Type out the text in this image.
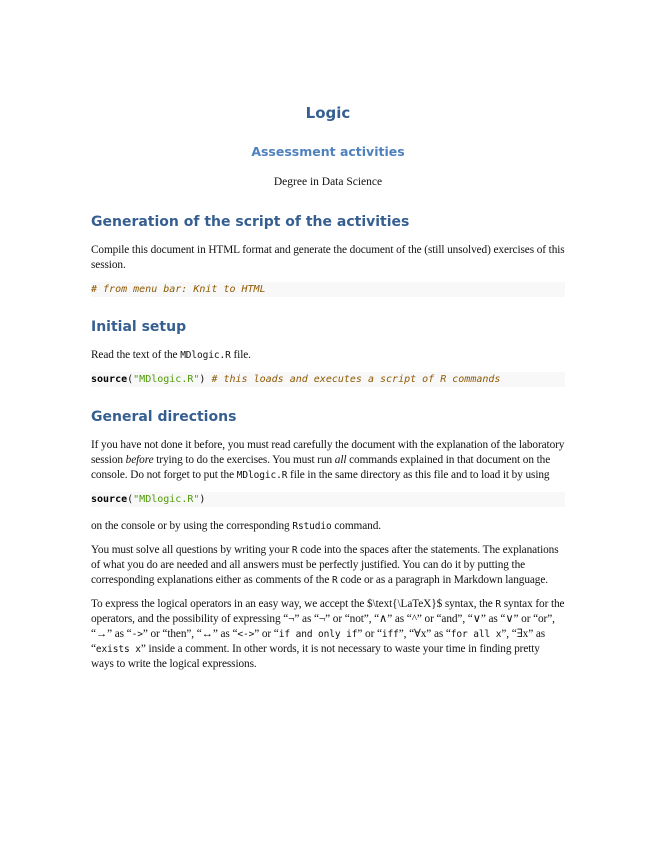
Logic
Assessment activities
Degree in Data Science
Generation of the script of the activities

Compile this document in HTML format and generate the document of the (still unsolved) exercises of this session.

# from menu bar: Knit to HTML
Initial setup

Read the text of the MDlogic.R file.

source("MDlogic.R") # this loads and executes a script of R commands
General directions

If you have not done it before, you must read carefully the document with the explanation of the laboratory session before trying to do the exercises. You must run all commands explained in that document on the console. Do not forget to put the MDlogic.R file in the same directory as this file and to load it by using

source("MDlogic.R")

on the console or by using the corresponding Rstudio command.

You must solve all questions by writing your R code into the spaces after the statements. The explanations of what you do are needed and all answers must be perfectly justified. You can do it by putting the corresponding explanations either as comments of the R code or as a paragraph in Markdown language.

To express the logical operators in an easy way, we accept the $\text{\LaTeX}$ syntax, the R syntax for the operators, and the possibility of expressing “¬” as “¬” or “not”, “∧” as “^” or “and”, “∨” as “∨” or “or”, “→” as “->” or “then”, “↔” as “<->” or “if and only if” or “iff”, “∀x” as “for all x”, “∃x” as “exists x” inside a comment. In other words, it is not necessary to waste your time in finding pretty ways to write the logical expressions.
